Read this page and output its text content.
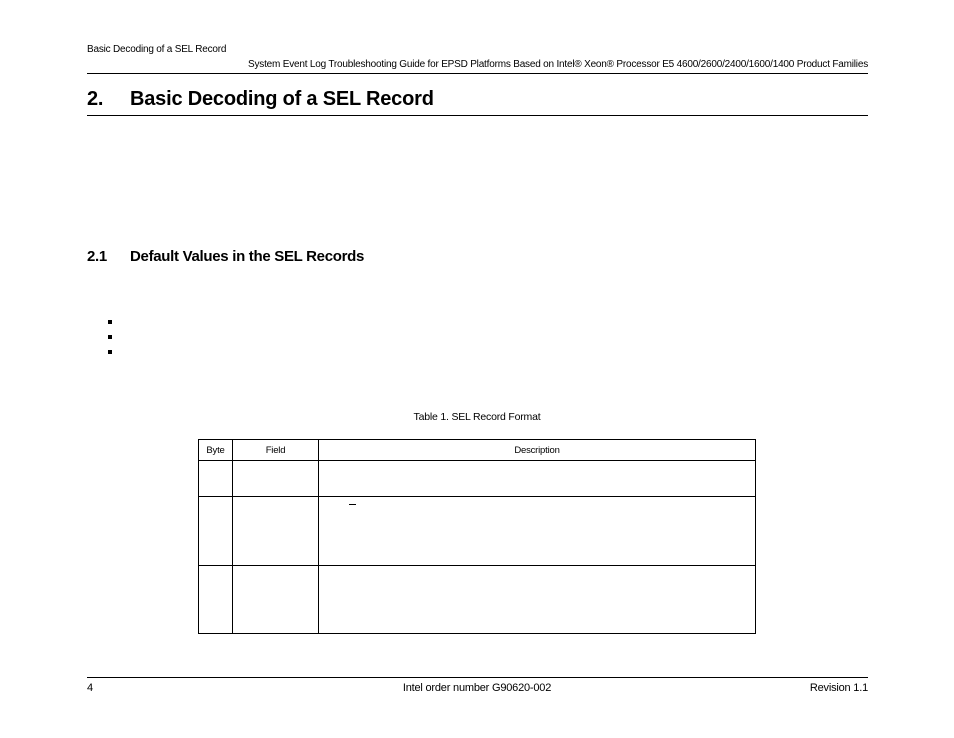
Basic Decoding of a SEL Record
System Event Log Troubleshooting Guide for EPSD Platforms Based on Intel® Xeon® Processor E5 4600/2600/2400/1600/1400 Product Families
2. Basic Decoding of a SEL Record
2.1 Default Values in the SEL Records
Table 1. SEL Record Format
Byte	Field	Description

4	Intel order number G90620-002	Revision 1.1
